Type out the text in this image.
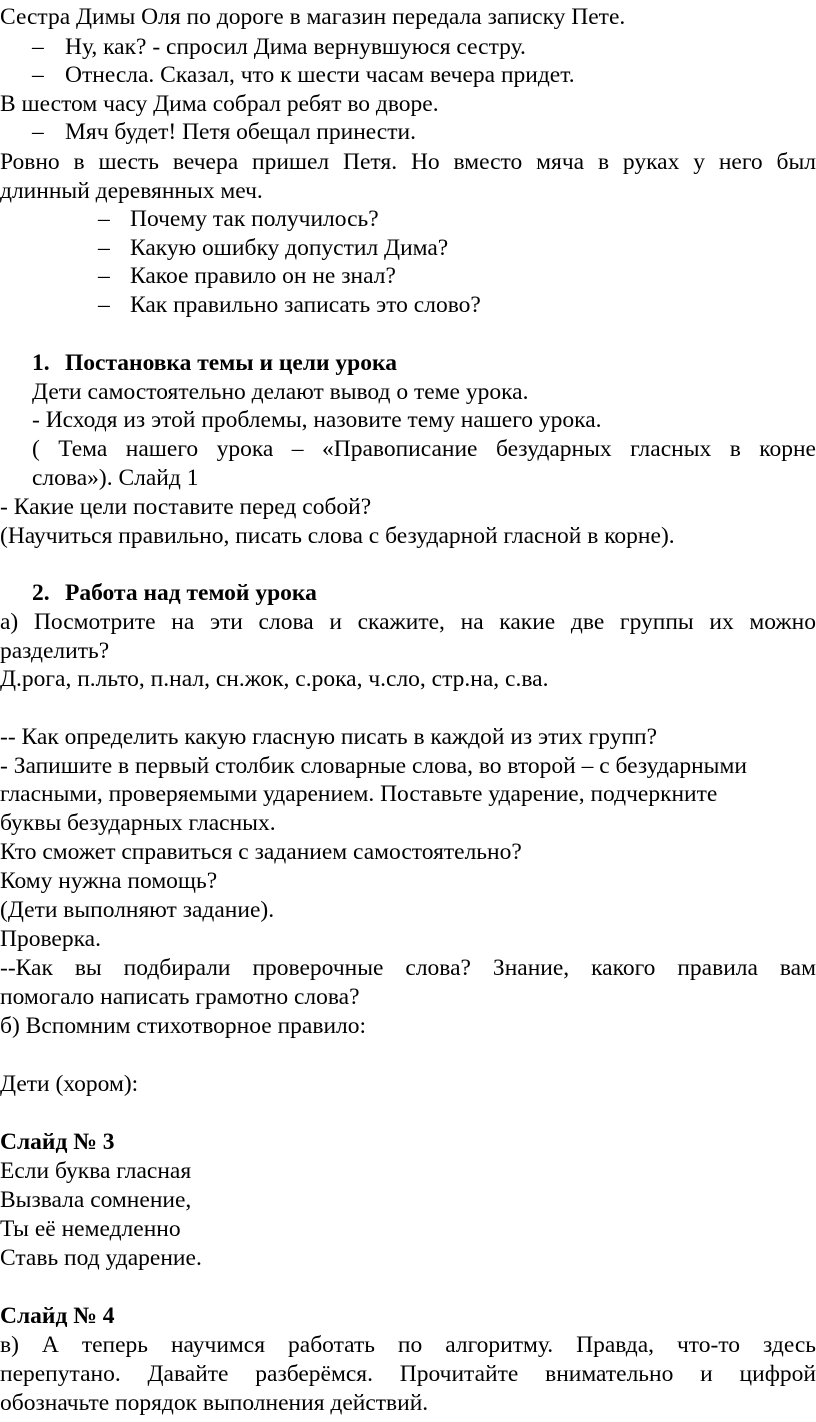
Сестра Димы Оля по дороге в магазин передала записку Пете.
– Ну, как? - спросил Дима вернувшуюся сестру.
– Отнесла. Сказал, что к шести часам вечера придет.
В шестом часу Дима собрал ребят во дворе.
– Мяч будет! Петя обещал принести.
Ровно в шесть вечера пришел Петя. Но вместо мяча в руках у него был
длинный деревянных меч.
– Почему так получилось?
– Какую ошибку допустил Дима?
– Какое правило он не знал?
– Как правильно записать это слово?
1. Постановка темы и цели урока
Дети самостоятельно делают вывод о теме урока.
- Исходя из этой проблемы, назовите тему нашего урока.
( Тема нашего урока – «Правописание безударных гласных в корне
слова»). Слайд 1
- Какие цели поставите перед собой?
(Научиться правильно, писать слова с безударной гласной в корне).
2. Работа над темой урока
а) Посмотрите на эти слова и скажите, на какие две группы их можно
разделить?
Д.рога, п.льто, п.нал, сн.жок, с.рока, ч.сло, стр.на, с.ва.
-- Как определить какую гласную писать в каждой из этих групп?
- Запишите в первый столбик словарные слова, во второй – с безударными
гласными, проверяемыми ударением. Поставьте ударение, подчеркните
буквы безударных гласных.
Кто сможет справиться с заданием самостоятельно?
Кому нужна помощь?
(Дети выполняют задание).
Проверка.
--Как вы подбирали проверочные слова? Знание, какого правила вам
помогало написать грамотно слова?
б) Вспомним стихотворное правило:
Дети (хором):
Слайд № 3
Если буква гласная
Вызвала сомнение,
Ты её немедленно
Ставь под ударение.
Слайд № 4
в) А теперь научимся работать по алгоритму. Правда, что-то здесь
перепутано. Давайте разберёмся. Прочитайте внимательно и цифрой
обозначьте порядок выполнения действий.
